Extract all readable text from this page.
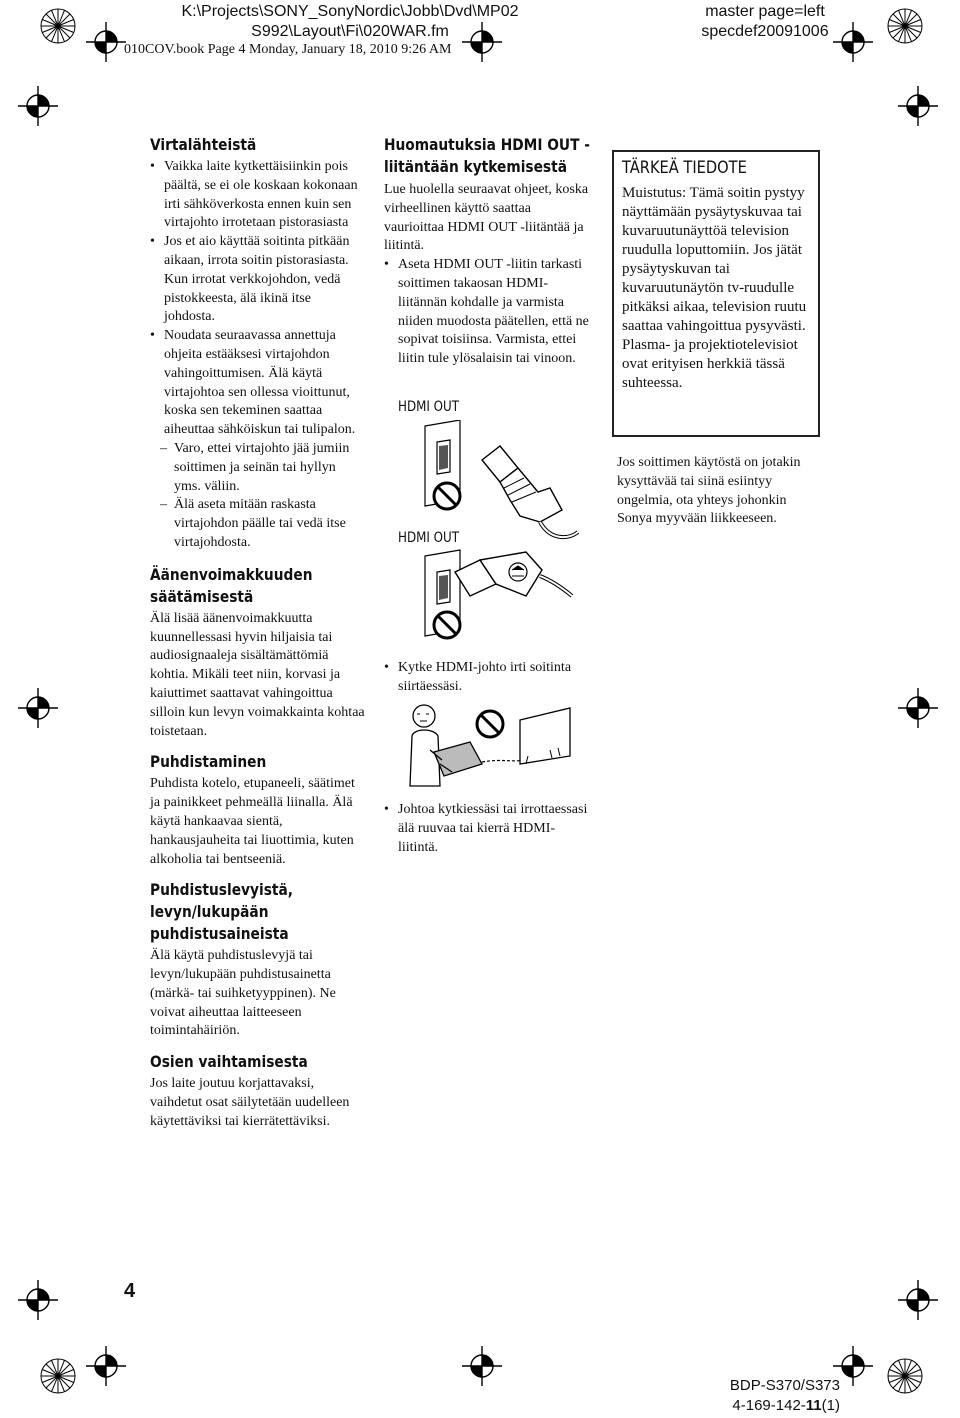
K:\Projects\SONY_SonyNordic\Jobb\Dvd\MP02
S992\Layout\Fi\020WAR.fm
master page=left
specdef20091006
010COV.book Page 4 Monday, January 18, 2010 9:26 AM
Virtalähteistä
• Vaikka laite kytkettäisiinkin pois päältä, se ei ole koskaan kokonaan irti sähköverkosta ennen kuin sen virtajohto irrotetaan pistorasiasta
• Jos et aio käyttää soitinta pitkään aikaan, irrota soitin pistorasiasta. Kun irrotat verkkojohdon, vedä pistokkeesta, älä ikinä itse johdosta.
• Noudata seuraavassa annettuja ohjeita estääksesi virtajohdon vahingoittumisen. Älä käytä virtajohtoa sen ollessa vioittunut, koska sen tekeminen saattaa aiheuttaa sähköiskun tai tulipalon.
– Varo, ettei virtajohto jää jumiin soittimen ja seinän tai hyllyn yms. väliin.
– Älä aseta mitään raskasta virtajohdon päälle tai vedä itse virtajohdosta.
Äänenvoimakkuuden
säätämisestä

Älä lisää äänenvoimakkuutta kuunnellessasi hyvin hiljaisia tai audiosignaaleja sisältämättömiä kohtia. Mikäli teet niin, korvasi ja kaiuttimet saattavat vahingoittua silloin kun levyn voimakkainta kohtaa toistetaan.

Puhdistaminen

Puhdista kotelo, etupaneeli, säätimet ja painikkeet pehmeällä liinalla. Älä käytä hankaavaa sientä, hankausjauheita tai liuottimia, kuten alkoholia tai bentseeniä.

Puhdistuslevyistä,
levyn/lukupään
puhdistusaineista

Älä käytä puhdistuslevyjä tai levyn/lukupään puhdistusainetta (märkä- tai suihketyyppinen). Ne voivat aiheuttaa laitteeseen toimintahäiriön.

Osien vaihtamisesta

Jos laite joutuu korjattavaksi, vaihdetut osat säilytetään uudelleen käytettäviksi tai kierrätettäviksi.

Huomautuksia HDMI OUT -
liitäntään kytkemisestä

Lue huolella seuraavat ohjeet, koska virheellinen käyttö saattaa vaurioittaa HDMI OUT -liitäntää ja liitintä.

• Aseta HDMI OUT -liitin tarkasti soittimen takaosan HDMI-liitännän kohdalle ja varmista niiden muodosta päätellen, että ne sopivat toisiinsa. Varmista, ettei liitin tule ylösalaisin tai vinoon.
HDMI OUT
HDMI OUT
• Kytke HDMI-johto irti soitinta siirtäessäsi.
• Johtoa kytkiessäsi tai irrottaessasi älä ruuvaa tai kierrä HDMI-liitintä.
TÄRKEÄ TIEDOTE
Muistutus: Tämä soitin pystyy näyttämään pysäytyskuvaa tai kuvaruutunäyttöä television ruudulla loputtomiin. Jos jätät pysäytyskuvan tai kuvaruutunäytön tv-ruudulle pitkäksi aikaa, television ruutu saattaa vahingoittua pysyvästi. Plasma- ja projektiotelevisiot ovat erityisen herkkiä tässä suhteessa.
Jos soittimen käytöstä on jotakin kysyttävää tai siinä esiintyy ongelmia, ota yhteys johonkin Sonya myyvään liikkeeseen.
4
BDP-S370/S373
4-169-142-11(1)
